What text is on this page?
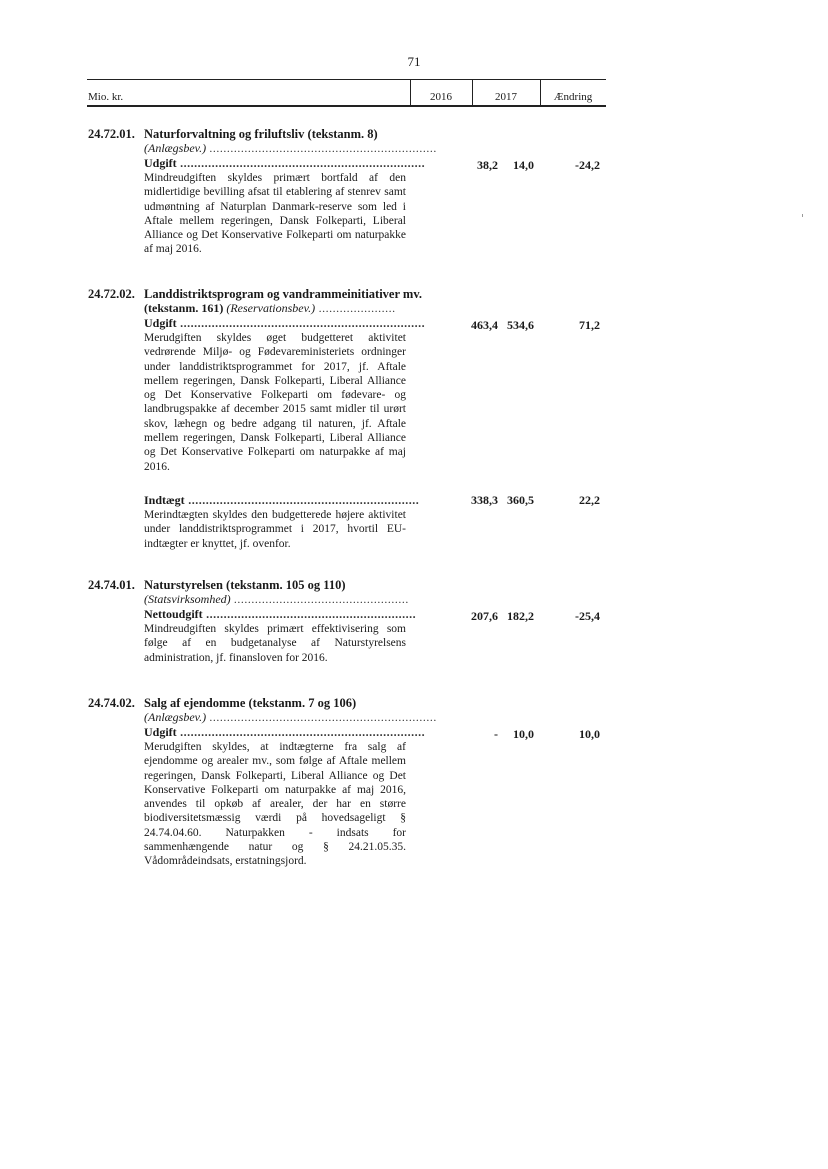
71
Mio. kr.	2016	2017	Ændring
24.72.01. Naturforvaltning og friluftsliv (tekstanm. 8)
(Anlægsbev.) .................................................................
Udgift ......................................................................	38,2	14,0	-24,2
Mindreudgiften skyldes primært bortfald af den midlertidige bevilling afsat til etablering af stenrev samt udmøntning af Naturplan Danmark-reserve som led i Aftale mellem regeringen, Dansk Folkeparti, Liberal Alliance og Det Konservative Folkeparti om naturpakke af maj 2016.
24.72.02. Landdistriktsprogram og vandrammeinitiativer mv.
(tekstanm. 161) (Reservationsbev.) ......................
Udgift ......................................................................	463,4 534,6	71,2
Merudgiften skyldes øget budgetteret aktivitet vedrørende Miljø- og Fødevareministeriets ordninger under landdistriktsprogrammet for 2017, jf. Aftale mellem regeringen, Dansk Folkeparti, Liberal Alliance og Det Konservative Folkeparti om fødevare- og landbrugspakke af december 2015 samt midler til urørt skov, læhegn og bedre adgang til naturen, jf. Aftale mellem regeringen, Dansk Folkeparti, Liberal Alliance og Det Konservative Folkeparti om naturpakke af maj 2016.
Indtægt ..................................................................	338,3 360,5	22,2
Merindtægten skyldes den budgetterede højere aktivitet under landdistriktsprogrammet i 2017, hvortil EU-indtægter er knyttet, jf. ovenfor.
24.74.01. Naturstyrelsen (tekstanm. 105 og 110)
(Statsvirksomhed) ..................................................
Nettoudgift ............................................................	207,6 182,2	-25,4
Mindreudgiften skyldes primært effektivisering som følge af en budgetanalyse af Naturstyrelsens administration, jf. finansloven for 2016.
24.74.02. Salg af ejendomme (tekstanm. 7 og 106)
(Anlægsbev.) .................................................................
Udgift ......................................................................	-	10,0	10,0
Merudgiften skyldes, at indtægterne fra salg af ejendomme og arealer mv., som følge af Aftale mellem regeringen, Dansk Folkeparti, Liberal Alliance og Det Konservative Folkeparti om naturpakke af maj 2016, anvendes til opkøb af arealer, der har en større biodiversitetsmæssig værdi på hovedsageligt § 24.74.04.60. Naturpakken - indsats for sammenhængende natur og § 24.21.05.35. Vådområdeindsats, erstatningsjord.
